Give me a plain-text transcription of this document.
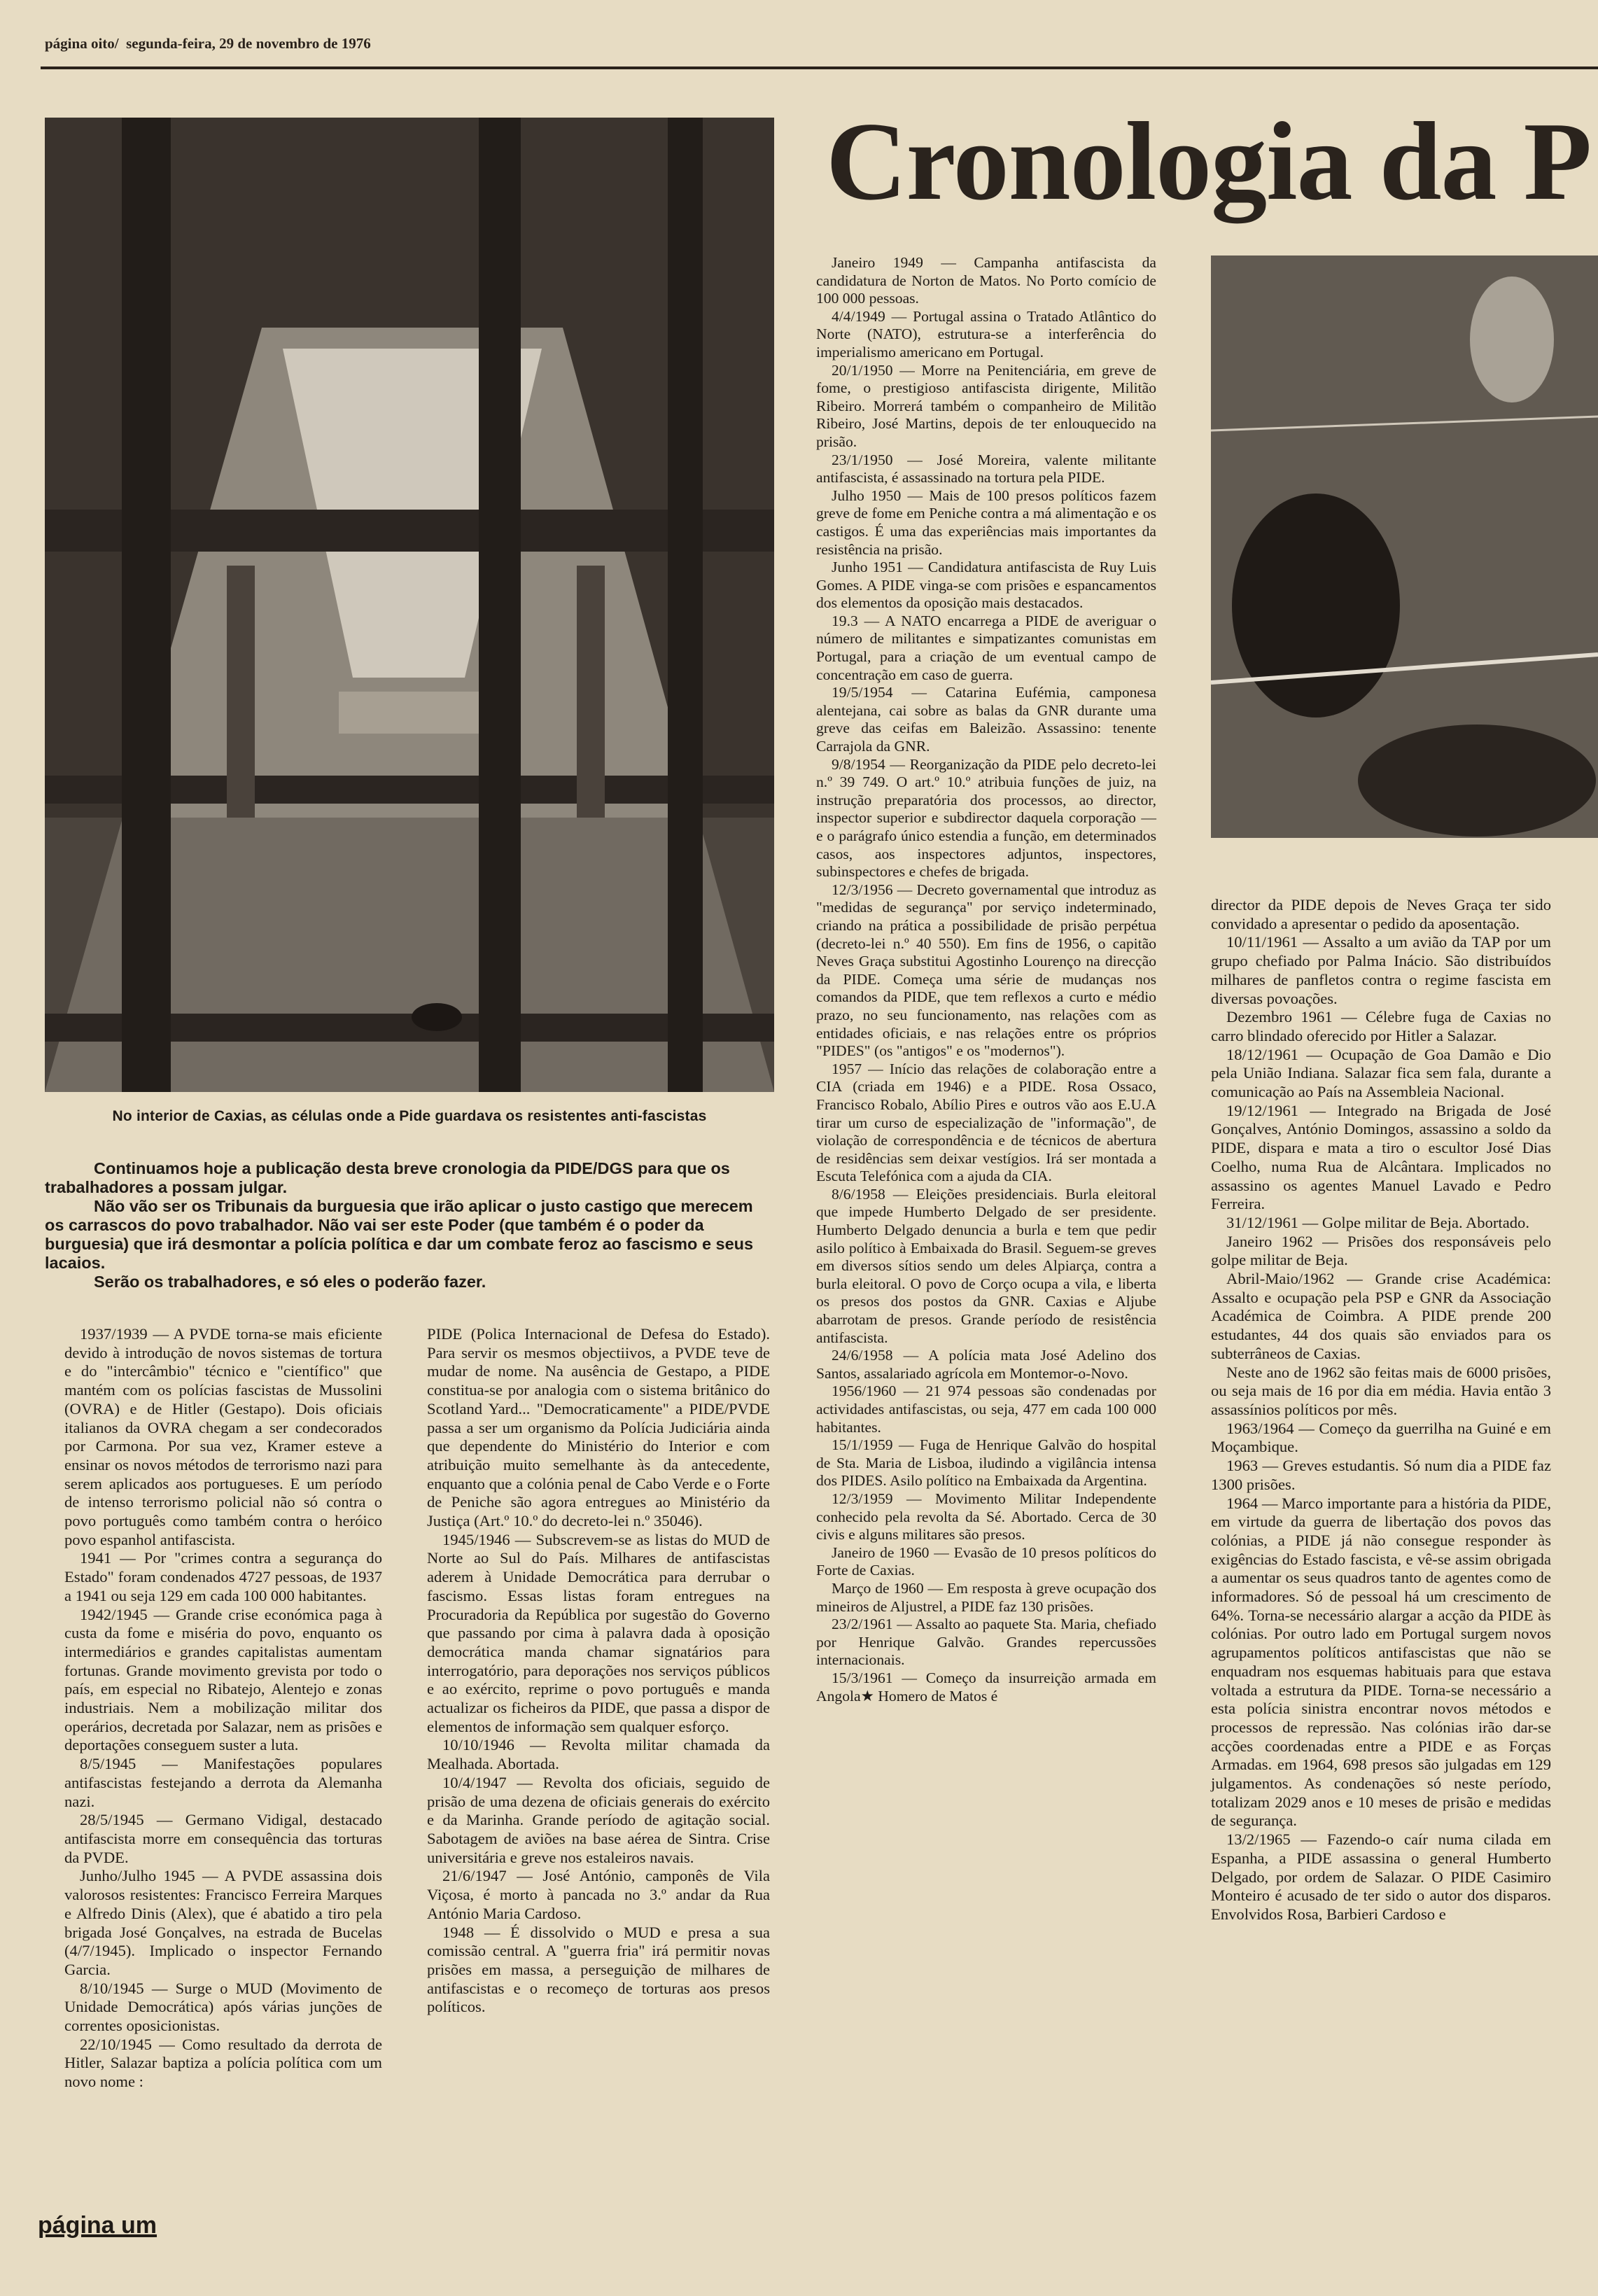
página oito/ segunda-feira, 29 de novembro de 1976
No interior de Caxias, as células onde a Pide guardava os resistentes anti-fascistas

Continuamos hoje a publicação desta breve cronologia da PIDE/DGS para que os trabalhadores a possam julgar.

Não vão ser os Tribunais da burguesia que irão aplicar o justo castigo que merecem os carrascos do povo trabalhador. Não vai ser este Poder (que também é o poder da burguesia) que irá desmontar a polícia política e dar um combate feroz ao fascismo e seus lacaios.

Serão os trabalhadores, e só eles o poderão fazer.

Cronologia da P

1937/1939 — A PVDE torna-se mais eficiente devido à introdução de novos sistemas de tortura e do "intercâmbio" técnico e "científico" que mantém com os polícias fascistas de Mussolini (OVRA) e de Hitler (Gestapo). Dois oficiais italianos da OVRA chegam a ser condecorados por Carmona. Por sua vez, Kramer esteve a ensinar os novos métodos de terrorismo nazi para serem aplicados aos portugueses. E um período de intenso terrorismo policial não só contra o povo português como também contra o heróico povo espanhol antifascista.

1941 — Por "crimes contra a segurança do Estado" foram condenados 4727 pessoas, de 1937 a 1941 ou seja 129 em cada 100 000 habitantes.

1942/1945 — Grande crise económica paga à custa da fome e miséria do povo, enquanto os intermediários e grandes capitalistas aumentam fortunas. Grande movimento grevista por todo o país, em especial no Ribatejo, Alentejo e zonas industriais. Nem a mobilização militar dos operários, decretada por Salazar, nem as prisões e deportações conseguem suster a luta.

8/5/1945 — Manifestações populares antifascistas festejando a derrota da Alemanha nazi.

28/5/1945 — Germano Vidigal, destacado antifascista morre em consequência das torturas da PVDE.

Junho/Julho 1945 — A PVDE assassina dois valorosos resistentes: Francisco Ferreira Marques e Alfredo Dinis (Alex), que é abatido a tiro pela brigada José Gonçalves, na estrada de Bucelas (4/7/1945). Implicado o inspector Fernando Garcia.

8/10/1945 — Surge o MUD (Movimento de Unidade Democrática) após várias junções de correntes oposicionistas.

22/10/1945 — Como resultado da derrota de Hitler, Salazar baptiza a polícia política com um novo nome :

PIDE (Polica Internacional de Defesa do Estado). Para servir os mesmos objectiivos, a PVDE teve de mudar de nome. Na ausência de Gestapo, a PIDE constitua-se por analogia com o sistema britânico do Scotland Yard... "Democraticamente" a PIDE/PVDE passa a ser um organismo da Polícia Judiciária ainda que dependente do Ministério do Interior e com atribuição muito semelhante às da antecedente, enquanto que a colónia penal de Cabo Verde e o Forte de Peniche são agora entregues ao Ministério da Justiça (Art.º 10.º do decreto-lei n.º 35046).

1945/1946 — Subscrevem-se as listas do MUD de Norte ao Sul do País. Milhares de antifascistas aderem à Unidade Democrática para derrubar o fascismo. Essas listas foram entregues na Procuradoria da República por sugestão do Governo que passando por cima à palavra dada à oposição democrática manda chamar signatários para interrogatório, para deporações nos serviços públicos e ao exército, reprime o povo português e manda actualizar os ficheiros da PIDE, que passa a dispor de elementos de informação sem qualquer esforço.

10/10/1946 — Revolta militar chamada da Mealhada. Abortada.

10/4/1947 — Revolta dos oficiais, seguido de prisão de uma dezena de oficiais generais do exército e da Marinha. Grande período de agitação social. Sabotagem de aviões na base aérea de Sintra. Crise universitária e greve nos estaleiros navais.

21/6/1947 — José António, camponês de Vila Viçosa, é morto à pancada no 3.º andar da Rua António Maria Cardoso.

1948 — É dissolvido o MUD e presa a sua comissão central. A "guerra fria" irá permitir novas prisões em massa, a perseguição de milhares de antifascistas e o recomeço de torturas aos presos políticos.

Janeiro 1949 — Campanha antifascista da candidatura de Norton de Matos. No Porto comício de 100 000 pessoas.

4/4/1949 — Portugal assina o Tratado Atlântico do Norte (NATO), estrutura-se a interferência do imperialismo americano em Portugal.

20/1/1950 — Morre na Penitenciária, em greve de fome, o prestigioso antifascista dirigente, Militão Ribeiro. Morrerá também o companheiro de Militão Ribeiro, José Martins, depois de ter enlouquecido na prisão.

23/1/1950 — José Moreira, valente militante antifascista, é assassinado na tortura pela PIDE.

Julho 1950 — Mais de 100 presos políticos fazem greve de fome em Peniche contra a má alimentação e os castigos. É uma das experiências mais importantes da resistência na prisão.

Junho 1951 — Candidatura antifascista de Ruy Luis Gomes. A PIDE vinga-se com prisões e espancamentos dos elementos da oposição mais destacados.

19.3 — A NATO encarrega a PIDE de averiguar o número de militantes e simpatizantes comunistas em Portugal, para a criação de um eventual campo de concentração em caso de guerra.

19/5/1954 — Catarina Eufémia, camponesa alentejana, cai sobre as balas da GNR durante uma greve das ceifas em Baleizão. Assassino: tenente Carrajola da GNR.

9/8/1954 — Reorganização da PIDE pelo decreto-lei n.º 39 749. O art.º 10.º atribuia funções de juiz, na instrução preparatória dos processos, ao director, inspector superior e subdirector daquela corporação — e o parágrafo único estendia a função, em determinados casos, aos inspectores adjuntos, inspectores, subinspectores e chefes de brigada.

12/3/1956 — Decreto governamental que introduz as "medidas de segurança" por serviço indeterminado, criando na prática a possibilidade de prisão perpétua (decreto-lei n.º 40 550). Em fins de 1956, o capitão Neves Graça substitui Agostinho Lourenço na direcção da PIDE. Começa uma série de mudanças nos comandos da PIDE, que tem reflexos a curto e médio prazo, no seu funcionamento, nas relações com as entidades oficiais, e nas relações entre os próprios "PIDES" (os "antigos" e os "modernos").

1957 — Início das relações de colaboração entre a CIA (criada em 1946) e a PIDE. Rosa Ossaco, Francisco Robalo, Abílio Pires e outros vão aos E.U.A tirar um curso de especialização de "informação", de violação de correspondência e de técnicos de abertura de residências sem deixar vestígios. Irá ser montada a Escuta Telefónica com a ajuda da CIA.

8/6/1958 — Eleições presidenciais. Burla eleitoral que impede Humberto Delgado de ser presidente. Humberto Delgado denuncia a burla e tem que pedir asilo político à Embaixada do Brasil. Seguem-se greves em diversos sítios sendo um deles Alpiarça, contra a burla eleitoral. O povo de Corço ocupa a vila, e liberta os presos dos postos da GNR. Caxias e Aljube abarrotam de presos. Grande período de resistência antifascista.

24/6/1958 — A polícia mata José Adelino dos Santos, assalariado agrícola em Montemor-o-Novo.

1956/1960 — 21 974 pessoas são condenadas por actividades antifascistas, ou seja, 477 em cada 100 000 habitantes.

15/1/1959 — Fuga de Henrique Galvão do hospital de Sta. Maria de Lisboa, iludindo a vigilância intensa dos PIDES. Asilo político na Embaixada da Argentina.

12/3/1959 — Movimento Militar Independente conhecido pela revolta da Sé. Abortado. Cerca de 30 civis e alguns militares são presos.

Janeiro de 1960 — Evasão de 10 presos políticos do Forte de Caxias.

Março de 1960 — Em resposta à greve ocupação dos mineiros de Aljustrel, a PIDE faz 130 prisões.

23/2/1961 — Assalto ao paquete Sta. Maria, chefiado por Henrique Galvão. Grandes repercussões internacionais.

15/3/1961 — Começo da insurreição armada em Angola★ Homero de Matos é

director da PIDE depois de Neves Graça ter sido convidado a apresentar o pedido da aposentação.

10/11/1961 — Assalto a um avião da TAP por um grupo chefiado por Palma Inácio. São distribuídos milhares de panfletos contra o regime fascista em diversas povoações.

Dezembro 1961 — Célebre fuga de Caxias no carro blindado oferecido por Hitler a Salazar.

18/12/1961 — Ocupação de Goa Damão e Dio pela União Indiana. Salazar fica sem fala, durante a comunicação ao País na Assembleia Nacional.

19/12/1961 — Integrado na Brigada de José Gonçalves, António Domingos, assassino a soldo da PIDE, dispara e mata a tiro o escultor José Dias Coelho, numa Rua de Alcântara. Implicados no assassino os agentes Manuel Lavado e Pedro Ferreira.

31/12/1961 — Golpe militar de Beja. Abortado.

Janeiro 1962 — Prisões dos responsáveis pelo golpe militar de Beja.

Abril-Maio/1962 — Grande crise Académica: Assalto e ocupação pela PSP e GNR da Associação Académica de Coimbra. A PIDE prende 200 estudantes, 44 dos quais são enviados para os subterrâneos de Caxias.

Neste ano de 1962 são feitas mais de 6000 prisões, ou seja mais de 16 por dia em média. Havia então 3 assassínios políticos por mês.

1963/1964 — Começo da guerrilha na Guiné e em Moçambique.

1963 — Greves estudantis. Só num dia a PIDE faz 1300 prisões.

1964 — Marco importante para a história da PIDE, em virtude da guerra de libertação dos povos das colónias, a PIDE já não consegue responder às exigências do Estado fascista, e vê-se assim obrigada a aumentar os seus quadros tanto de agentes como de informadores. Só de pessoal há um crescimento de 64%. Torna-se necessário alargar a acção da PIDE às colónias. Por outro lado em Portugal surgem novos agrupamentos políticos antifascistas que não se enquadram nos esquemas habituais para que estava voltada a estrutura da PIDE. Torna-se necessário a esta polícia sinistra encontrar novos métodos e processos de repressão. Nas colónias irão dar-se acções coordenadas entre a PIDE e as Forças Armadas. em 1964, 698 presos são julgadas em 129 julgamentos. As condenações só neste período, totalizam 2029 anos e 10 meses de prisão e medidas de segurança.

13/2/1965 — Fazendo-o caír numa cilada em Espanha, a PIDE assassina o general Humberto Delgado, por ordem de Salazar. O PIDE Casimiro Monteiro é acusado de ter sido o autor dos disparos. Envolvidos Rosa, Barbieri Cardoso e

página um
